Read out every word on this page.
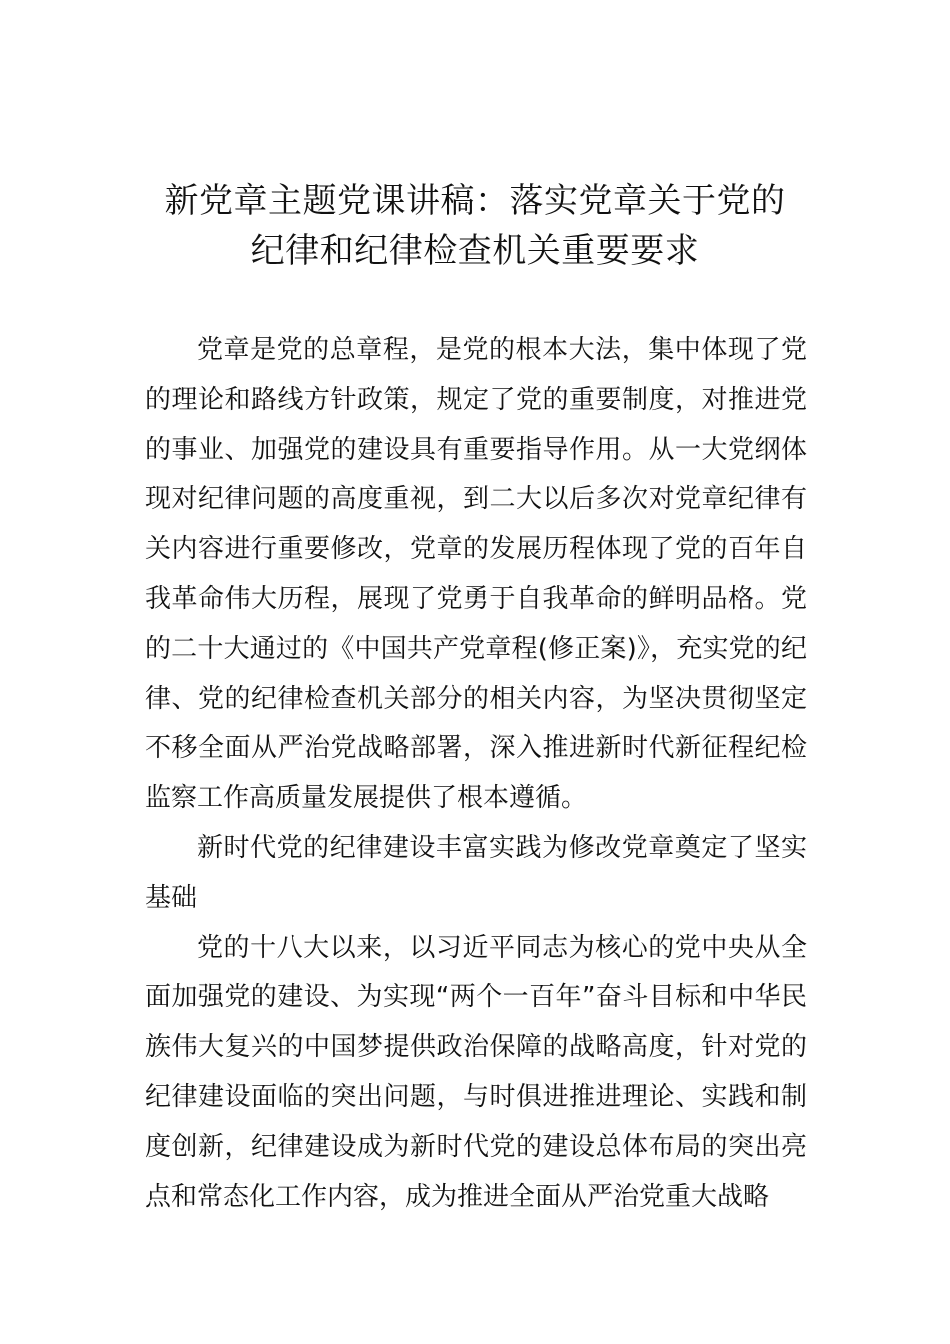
新党章主题党课讲稿：落实党章关于党的
纪律和纪律检查机关重要要求

党章是党的总章程，是党的根本大法，集中体现了党的理论和路线方针政策，规定了党的重要制度，对推进党的事业、加强党的建设具有重要指导作用。从一大党纲体现对纪律问题的高度重视，到二大以后多次对党章纪律有关内容进行重要修改，党章的发展历程体现了党的百年自我革命伟大历程，展现了党勇于自我革命的鲜明品格。党的二十大通过的《中国共产党章程(修正案)》，充实党的纪律、党的纪律检查机关部分的相关内容，为坚决贯彻坚定不移全面从严治党战略部署，深入推进新时代新征程纪检监察工作高质量发展提供了根本遵循。

新时代党的纪律建设丰富实践为修改党章奠定了坚实基础

党的十八大以来，以习近平同志为核心的党中央从全面加强党的建设、为实现“两个一百年”奋斗目标和中华民族伟大复兴的中国梦提供政治保障的战略高度，针对党的纪律建设面临的突出问题，与时俱进推进理论、实践和制度创新，纪律建设成为新时代党的建设总体布局的突出亮点和常态化工作内容，成为推进全面从严治党重大战略
